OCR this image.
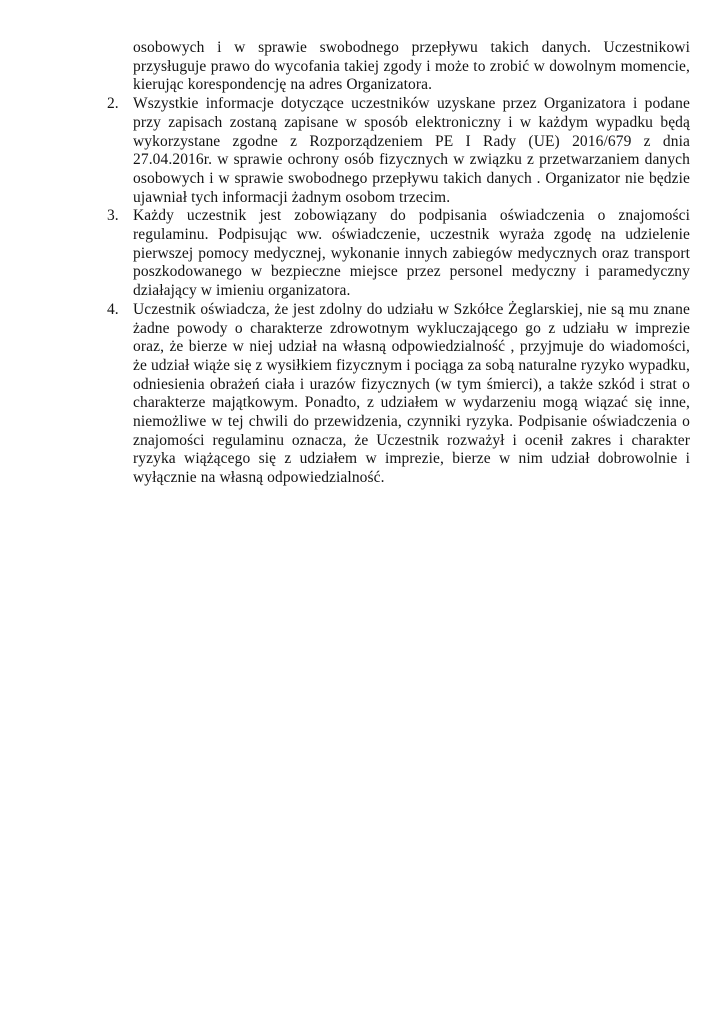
osobowych i w sprawie swobodnego przepływu takich danych. Uczestnikowi przysługuje prawo do wycofania takiej zgody i może to zrobić w dowolnym momencie, kierując korespondencję na adres Organizatora.

2. Wszystkie informacje dotyczące uczestników uzyskane przez Organizatora i podane przy zapisach zostaną zapisane w sposób elektroniczny i w każdym wypadku będą wykorzystane zgodne z Rozporządzeniem PE I Rady (UE) 2016/679 z dnia 27.04.2016r. w sprawie ochrony osób fizycznych w związku z przetwarzaniem danych osobowych i w sprawie swobodnego przepływu takich danych . Organizator nie będzie ujawniał tych informacji żadnym osobom trzecim.

3. Każdy uczestnik jest zobowiązany do podpisania oświadczenia o znajomości regulaminu. Podpisując ww. oświadczenie, uczestnik wyraża zgodę na udzielenie pierwszej pomocy medycznej, wykonanie innych zabiegów medycznych oraz transport poszkodowanego w bezpieczne miejsce przez personel medyczny i paramedyczny działający w imieniu organizatora.

4. Uczestnik oświadcza, że jest zdolny do udziału w Szkółce Żeglarskiej, nie są mu znane żadne powody o charakterze zdrowotnym wykluczającego go z udziału w imprezie oraz, że bierze w niej udział na własną odpowiedzialność , przyjmuje do wiadomości, że udział wiąże się z wysiłkiem fizycznym i pociąga za sobą naturalne ryzyko wypadku, odniesienia obrażeń ciała i urazów fizycznych (w tym śmierci), a także szkód i strat o charakterze majątkowym. Ponadto, z udziałem w wydarzeniu mogą wiązać się inne, niemożliwe w tej chwili do przewidzenia, czynniki ryzyka. Podpisanie oświadczenia o znajomości regulaminu oznacza, że Uczestnik rozważył i ocenił zakres i charakter ryzyka wiążącego się z udziałem w imprezie, bierze w nim udział dobrowolnie i wyłącznie na własną odpowiedzialność.
